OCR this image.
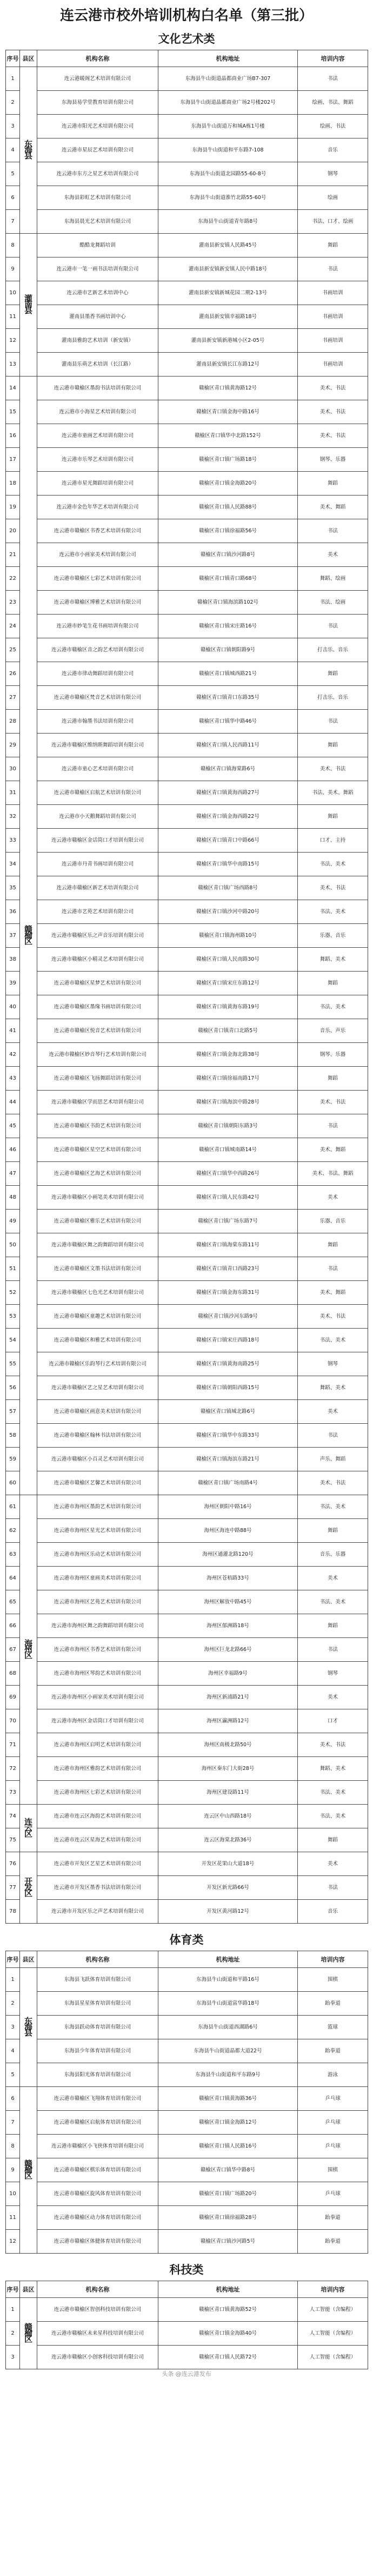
连云港市校外培训机构白名单（第三批）
文化艺术类
序号	县区	机构名称	机构地址	培训内容
1	东海县	连云港暖阁艺术培训有限公司	东海县牛山街道晶都商业广场B7-307	书法
2		东海县易学堂教育培训有限公司	东海县牛山街道晶都商业广场2号楼202号	绘画、书法、舞蹈
3		连云港市阳光艺术培训有限公司	东海县牛山街道万和城A栋1号楼	绘画、书法
4		连云港市星辰艺术培训有限公司	东海县牛山街道和平东路7-108	音乐
5		连云港市东方之星艺术培训有限公司	东海县牛山街道北园路55-60-8号	钢琴
6		东海县彩虹艺术培训有限公司	东海县牛山街道淮竹北路55-60号	绘画
7		东海县晨光艺术培训有限公司	东海县牛山街道青年路8号	书法、口才、绘画
8	灌南县	酷酷龙舞蹈培训	灌南县新安镇人民路45号	舞蹈
9		连云港市一笔一画书法培训有限公司	灌南县新安镇新安镇人民中路18号	书法
10		连云港市艺新艺术培训中心	灌南县新安镇新城花园二期2-13号	书画培训
11		灌南县墨香书画培训中心	灌南县新安镇幸福路18号	书画培训
12		灌南县雅韵艺术培训（新安镇）	灌南县新安镇新港城小区2-05号	书画培训
13		灌南县乐萌艺术培训（长江路）	灌南县新安镇长江东路12号	书画培训
14	赣榆区	连云港市赣榆区墨韵书法培训有限公司	赣榆区青口镇黄海路12号	美术、书法
15		连云港市小海星艺术培训有限公司	赣榆区青口镇金海中路16号	美术、书法
16		连云港市童画艺术培训有限公司	赣榆区青口镇华中北路152号	美术、书法
17		连云港市乐琴艺术培训有限公司	赣榆区青口镇广场路18号	钢琴、乐器
18		连云港市星光舞蹈培训有限公司	赣榆区青口镇金海路20号	舞蹈
19		连云港市金色年华艺术培训有限公司	赣榆区青口镇人民路88号	美术、舞蹈
20		连云港市赣榆区书香艺术培训有限公司	赣榆区青口镇徐福路56号	书法
21		连云港市小画家美术培训有限公司	赣榆区青口镇沙河路8号	美术
22		连云港市赣榆区七彩艺术培训有限公司	赣榆区青口镇青口路68号	舞蹈、绘画
23		连云港市赣榆区博雅艺术培训有限公司	赣榆区青口镇海滨路102号	书法、绘画
24		连云港市妙笔生花书画培训有限公司	赣榆区青口镇宋庄路16号	书法
25		连云港市赣榆区音之韵艺术培训有限公司	赣榆区青口镇朝阳路9号	打击乐、音乐
26		连云港市律动舞蹈培训有限公司	赣榆区青口镇城西路21号	舞蹈
27		连云港市赣榆区梵音艺术培训有限公司	赣榆区青口镇青口东路35号	打击乐、音乐
28		连云港市翰墨书法培训有限公司	赣榆区青口镇华中路46号	书法
29		连云港市赣榆区维纳斯舞蹈培训有限公司	赣榆区青口镇人民西路11号	舞蹈
30		连云港市童心艺术培训有限公司	赣榆区青口镇海棠路6号	美术、书法
31		连云港市赣榆区启航艺术培训有限公司	赣榆区青口镇黄海西路27号	书法、美术、舞蹈
32		连云港市小天鹅舞蹈培训有限公司	赣榆区青口镇金海西路22号	舞蹈
33		连云港市赣榆区金话筒口才培训有限公司	赣榆区青口镇青口中路66号	口才、主持
34		连云港市丹青书画培训有限公司	赣榆区青口镇华中南路15号	书法、美术
35		连云港市赣榆区新艺术培训有限公司	赣榆区青口镇广场西路8号	美术、书法
36		连云港市艺苑艺术培训有限公司	赣榆区青口镇沙河中路20号	书法、美术
37		连云港市赣榆区乐之声音乐培训有限公司	赣榆区青口镇海州路10号	乐器、音乐
38		连云港市赣榆区小精灵艺术培训有限公司	赣榆区青口镇人民南路30号	舞蹈、美术
39		连云港市赣榆区星梦艺术培训有限公司	赣榆区青口镇宋庄东路12号	舞蹈
40		连云港市赣榆区墨缘书画培训有限公司	赣榆区青口镇黄海东路19号	书法、美术
41		连云港市赣榆区悦音艺术培训有限公司	赣榆区青口镇青口北路5号	音乐、声乐
42		连云港市赣榆区妙音琴行艺术培训有限公司	赣榆区青口镇金海北路38号	钢琴、乐器
43		连云港市赣榆区飞扬舞蹈培训有限公司	赣榆区青口镇徐福南路17号	舞蹈
44		连云港市赣榆区学而思艺术培训有限公司	赣榆区青口镇海滨中路28号	美术、书法
45		连云港市赣榆区书韵艺术培训有限公司	赣榆区青口镇朝阳东路3号	书法
46		连云港市赣榆区星空艺术培训有限公司	赣榆区青口镇城南路14号	美术、舞蹈
47		连云港市赣榆区艺海艺术培训有限公司	赣榆区青口镇华中西路26号	美术、书法、舞蹈
48		连云港市赣榆区小画笔美术培训有限公司	赣榆区青口镇人民东路42号	美术
49		连云港市赣榆区雅乐艺术培训有限公司	赣榆区青口镇广场东路7号	乐器、音乐
50		连云港市赣榆区舞之韵舞蹈培训有限公司	赣榆区青口镇海棠东路11号	舞蹈
51		连云港市赣榆区文墨书法培训有限公司	赣榆区青口镇青口西路23号	书法
52		连云港市赣榆区七色光艺术培训有限公司	赣榆区青口镇金海东路31号	美术、舞蹈
53		连云港市赣榆区童趣艺术培训有限公司	赣榆区青口镇沙河东路9号	美术、书法
54		连云港市赣榆区和雅艺术培训有限公司	赣榆区青口镇宋庄西路18号	书法、美术
55		连云港市赣榆区乐韵琴行艺术培训有限公司	赣榆区青口镇黄海南路25号	钢琴
56		连云港市赣榆区艺之星艺术培训有限公司	赣榆区青口镇朝阳西路15号	舞蹈、美术
57		连云港市赣榆区画意美术培训有限公司	赣榆区青口镇城北路6号	美术
58		连云港市赣榆区翰林书法培训有限公司	赣榆区青口镇华中东路33号	书法
59		连云港市赣榆区小百灵艺术培训有限公司	赣榆区青口镇海滨东路21号	声乐、舞蹈
60		连云港市赣榆区艺馨艺术培训有限公司	赣榆区青口镇广场南路4号	美术、书法
61	海州区	连云港市海州区墨韵艺术培训有限公司	海州区朝阳中路16号	书法、美术
62		连云港市海州区星光艺术培训有限公司	海州区海连中路88号	舞蹈
63		连云港市海州区乐动艺术培训有限公司	海州区通灌北路120号	音乐、乐器
64		连云港市海州区童画美术培训有限公司	海州区苍梧路33号	美术
65		连云港市海州区艺苑艺术培训有限公司	海州区解放中路45号	书法、美术
66		连云港市海州区舞之韵舞蹈培训有限公司	海州区郁洲路18号	舞蹈
67		连云港市海州区书香艺术培训有限公司	海州区巨龙北路66号	书法
68		连云港市海州区琴韵艺术培训有限公司	海州区幸福路9号	钢琴
69		连云港市海州区小画家美术培训有限公司	海州区新浦路21号	美术
70		连云港市海州区金话筒口才培训有限公司	海州区瀛洲路12号	口才
71		连云港市海州区启明艺术培训有限公司	海州区南极北路50号	美术、书法
72		连云港市海州区雅韵艺术培训有限公司	海州区秦东门大街28号	舞蹈、美术
73		连云港市海州区七彩艺术培训有限公司	海州区建设路11号	书法、美术
74	连云区	连云港市连云区海韵艺术培训有限公司	连云区中山西路18号	书法、美术
75		连云港市连云区星海艺术培训有限公司	连云区海棠北路36号	舞蹈
76	开发区	连云港市开发区艺星艺术培训有限公司	开发区花果山大道18号	美术
77		连云港市开发区墨香书法培训有限公司	开发区新光路66号	书法
78		连云港市开发区乐之声艺术培训有限公司	开发区黄河路12号	音乐
体育类
序号	县区	机构名称	机构地址	培训内容
1	东海县	东海县飞跃体育培训有限公司	东海县牛山街道和平路16号	围棋
2		东海县星星体育培训有限公司	东海县牛山街道富华路18号	跆拳道
3		东海县跃动体育培训有限公司	东海县牛山街道西湖路6号	篮球
4		东海县少年体育培训有限公司	东海县牛山街道晶都大道22号	跆拳道
5		东海县阳光体育培训有限公司	东海县牛山街道和平东路9号	游泳
6	赣榆区	连云港市赣榆区飞翔体育培训有限公司	赣榆区青口镇黄海路36号	乒乓球
7		连云港市赣榆区启航体育培训有限公司	赣榆区青口镇金海路12号	乒乓球
8		连云港市赣榆区小飞侠体育培训有限公司	赣榆区青口镇人民路16号	乒乓球
9		连云港市赣榆区棋乐体育培训有限公司	赣榆区青口镇华中路8号	围棋
10		连云港市赣榆区旋风体育培训有限公司	赣榆区青口镇广场路20号	乒乓球
11		连云港市赣榆区动力体育培训有限公司	赣榆区青口镇徐福路28号	跆拳道
12		连云港市赣榆区体健体育培训有限公司	赣榆区青口镇沙河路5号	跆拳道
科技类
序号	县区	机构名称	机构地址	培训内容
1	赣榆区	连云港市赣榆区智创科技培训有限公司	赣榆区青口镇黄海路52号	人工智能（含编程）
2		连云港市赣榆区未来星科技培训有限公司	赣榆区青口镇金海路40号	人工智能（含编程）
3		连云港市赣榆区小创客科技培训有限公司	赣榆区青口镇人民路72号	人工智能（含编程）
头条 @连云港发布
